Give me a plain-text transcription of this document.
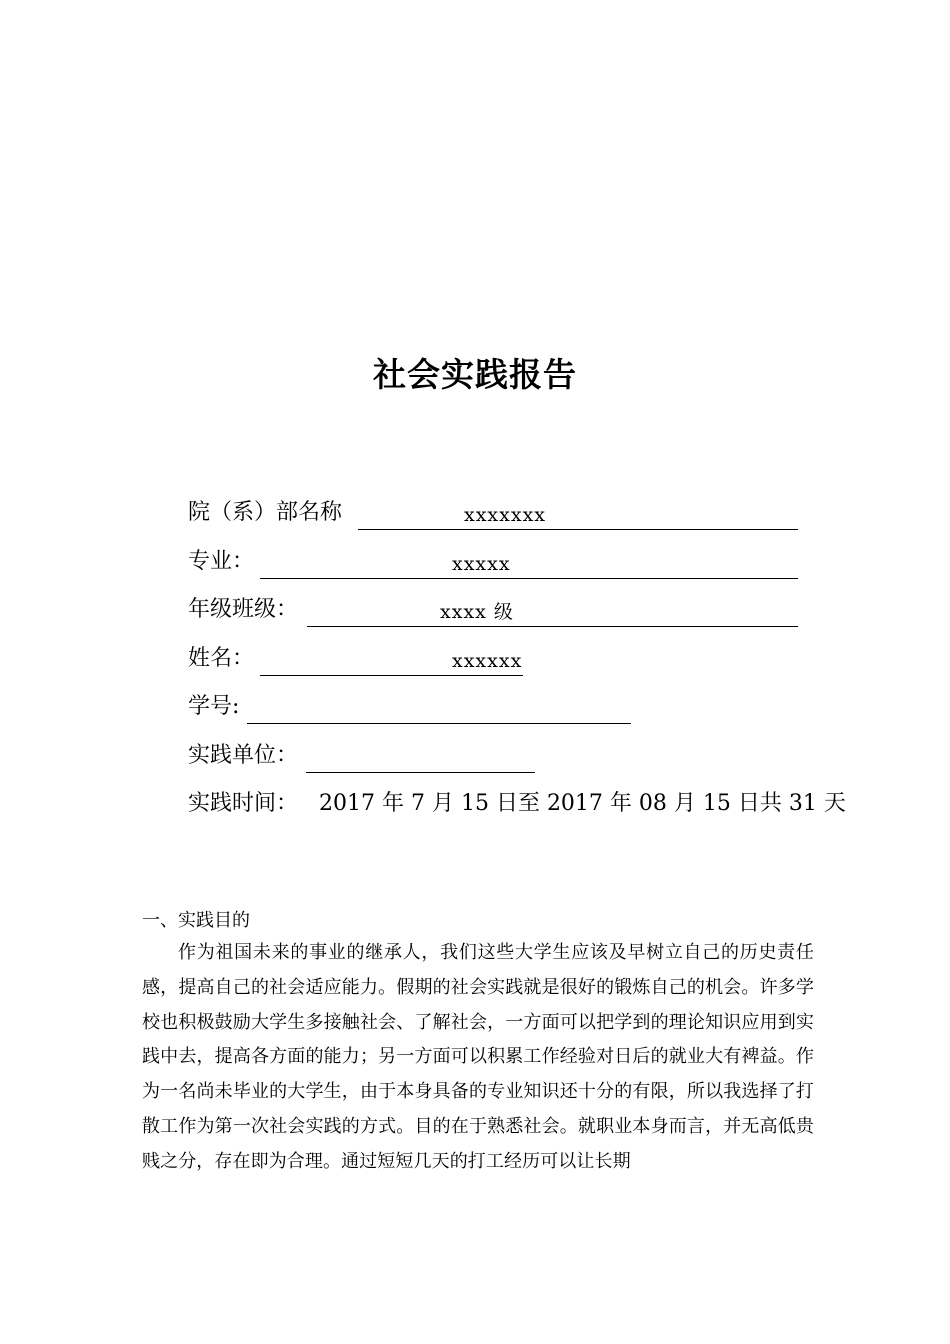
社会实践报告
院（系）部名称	xxxxxxx
专业：	xxxxx
年级班级：	xxxx 级
姓名：	xxxxxx
学号:
实践单位：
实践时间： 2017 年 7 月 15 日至 2017 年 08 月 15 日共 31 天
一、实践目的

作为祖国未来的事业的继承人，我们这些大学生应该及早树立自己的历史责任感，提高自己的社会适应能力。假期的社会实践就是很好的锻炼自己的机会。许多学校也积极鼓励大学生多接触社会、了解社会，一方面可以把学到的理论知识应用到实践中去，提高各方面的能力；另一方面可以积累工作经验对日后的就业大有裨益。作为一名尚未毕业的大学生，由于本身具备的专业知识还十分的有限，所以我选择了打散工作为第一次社会实践的方式。目的在于熟悉社会。就职业本身而言，并无高低贵贱之分，存在即为合理。通过短短几天的打工经历可以让长期
